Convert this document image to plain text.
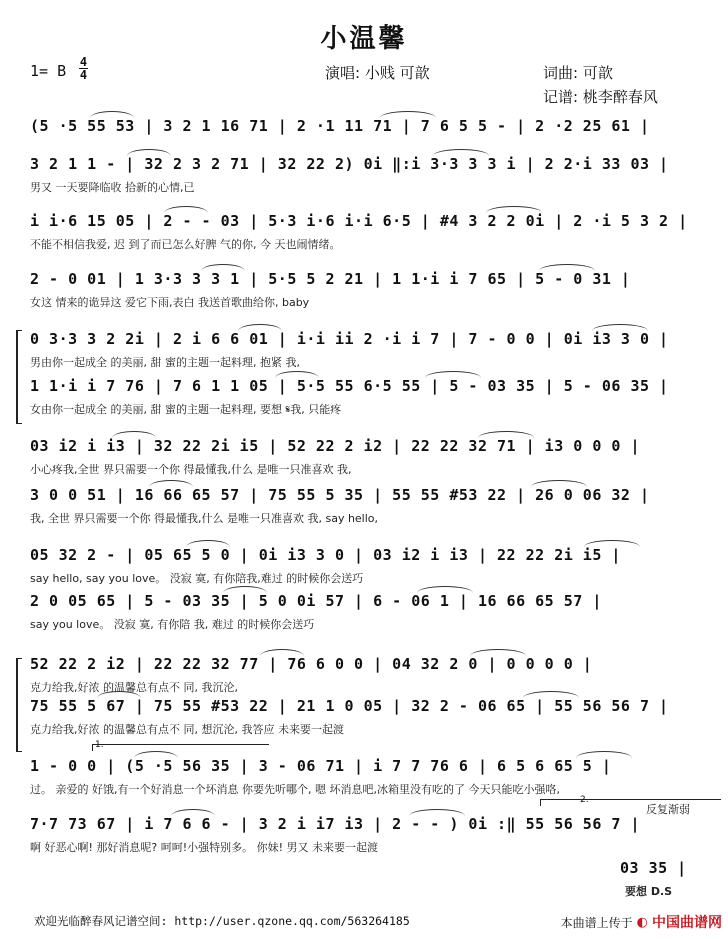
小温馨
1= B 4
4	演唱: 小贱 可歆	词曲: 可歆
记谱: 桃李醉春风
(5 ·5 55 53 | 3 2 1 16 71 | 2 ·1 11 71 | 7 6 5 5 - | 2 ·2 25 61 |
3 2 1 1 - | 32 2 3 2 71 | 32 22 2) 0i ‖:i 3·3 3 3 i | 2 2·i 33 03 |
男又 一天要降临收 拾新的心情,已
i i·6 15 05 | 2 - - 03 | 5·3 i·6 i·i 6·5 | #4 3 2 2 0i | 2 ·i 5 3 2 |
不能不相信我爱, 迟 到了而已怎么好脾 气的你, 今 天也闹情绪。
2 - 0 01 | 1 3·3 3 3 1 | 5·5 5 2 21 | 1 1·i i 7 65 | 5 - 0 31 |
女这 情来的诡异这 爱它下雨,表白 我送首歌曲给你, baby
0 3·3 3 2 2i | 2 i 6 6 01 | i·i ii 2 ·i i 7 | 7 - 0 0 | 0i i3 3 0 |
男由你一起成全 的美丽, 甜 蜜的主题一起料理, 抱紧 我,
1 1·i i 7 76 | 7 6 1 1 05 | 5·5 55 6·5 55 | 5 - 03 35 | 5 - 06 35 |
女由你一起成全 的美丽, 甜 蜜的主题一起料理, 要想 𝄋我, 只能疼
03 i2 i i3 | 32 22 2i i5 | 52 22 2 i2 | 22 22 32 71 | i3 0 0 0 |
小心疼我,全世 界只需要一个你 得最懂我,什么 是唯一只准喜欢 我,
3 0 0 51 | 16 66 65 57 | 75 55 5 35 | 55 55 #53 22 | 26 0 06 32 |
我, 全世 界只需要一个你 得最懂我,什么 是唯一只准喜欢 我, say hello,
05 32 2 - | 05 65 5 0 | 0i i3 3 0 | 03 i2 i i3 | 22 22 2i i5 |
say hello, say you love。 没寂 寞, 有你陪我,难过 的时候你会送巧
2 0 05 65 | 5 - 03 35 | 5 0 0i 57 | 6 - 06 1 | 16 66 65 57 |
say you love。 没寂 寞, 有你陪 我, 难过 的时候你会送巧
52 22 2 i2 | 22 22 32 77 | 76 6 0 0 | 04 32 2 0 | 0 0 0 0 |
克力给我,好浓 的温馨总有点不 同, 我沉沦,
75 55 5 67 | 75 55 #53 22 | 21 1 0 05 | 32 2 - 06 65 | 55 56 56 7 |
克力给我,好浓 的温馨总有点不 同, 想沉沦, 我答应 未来要一起渡
1 - 0 0 | (5 ·5 56 35 | 3 - 06 71 | i 7 7 76 6 | 6 5 6 65 5 |
过。 亲爱的 好饿,有一个好消息一个坏消息 你要先听哪个, 嗯 坏消息吧,冰箱里没有吃的了 今天只能吃小强咯,
7·7 73 67 | i 7 6 6 - | 3 2 i i7 i3 | 2 - - ) 0i :‖ 55 56 56 7 |
啊 好恶心啊! 那好消息呢? 呵呵!小强特别多。 你妹! 男又 未来要一起渡
1.
2.
反复渐弱
03 35 |
要想 D.S
欢迎光临醉春风记谱空间: http://user.qzone.qq.com/563264185	本曲谱上传于 ◐ 中国曲谱网
